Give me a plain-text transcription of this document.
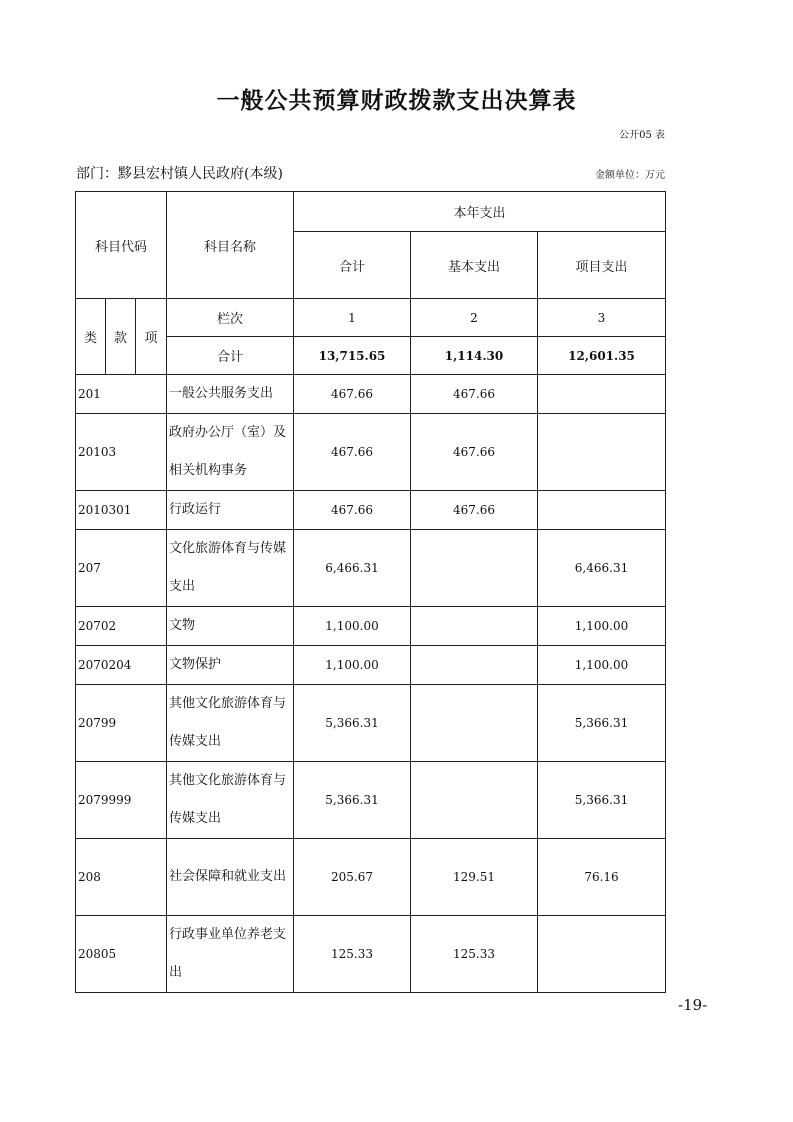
一般公共预算财政拨款支出决算表
公开05 表
部门：黟县宏村镇人民政府(本级)	金额单位：万元
科目代码			科目名称	本年支出		
				合计	基本支出	项目支出
类	款	项	栏次	1	2	3
			合计	13,715.65	1,114.30	12,601.35
201			一般公共服务支出	467.66	467.66	
20103			政府办公厅（室）及相关机构事务	467.66	467.66	
2010301			行政运行	467.66	467.66	
207			文化旅游体育与传媒支出	6,466.31		6,466.31
20702			文物	1,100.00		1,100.00
2070204			文物保护	1,100.00		1,100.00
20799			其他文化旅游体育与传媒支出	5,366.31		5,366.31
2079999			其他文化旅游体育与传媒支出	5,366.31		5,366.31
208			社会保障和就业支出	205.67	129.51	76.16
20805			行政事业单位养老支出	125.33	125.33	
-19-
